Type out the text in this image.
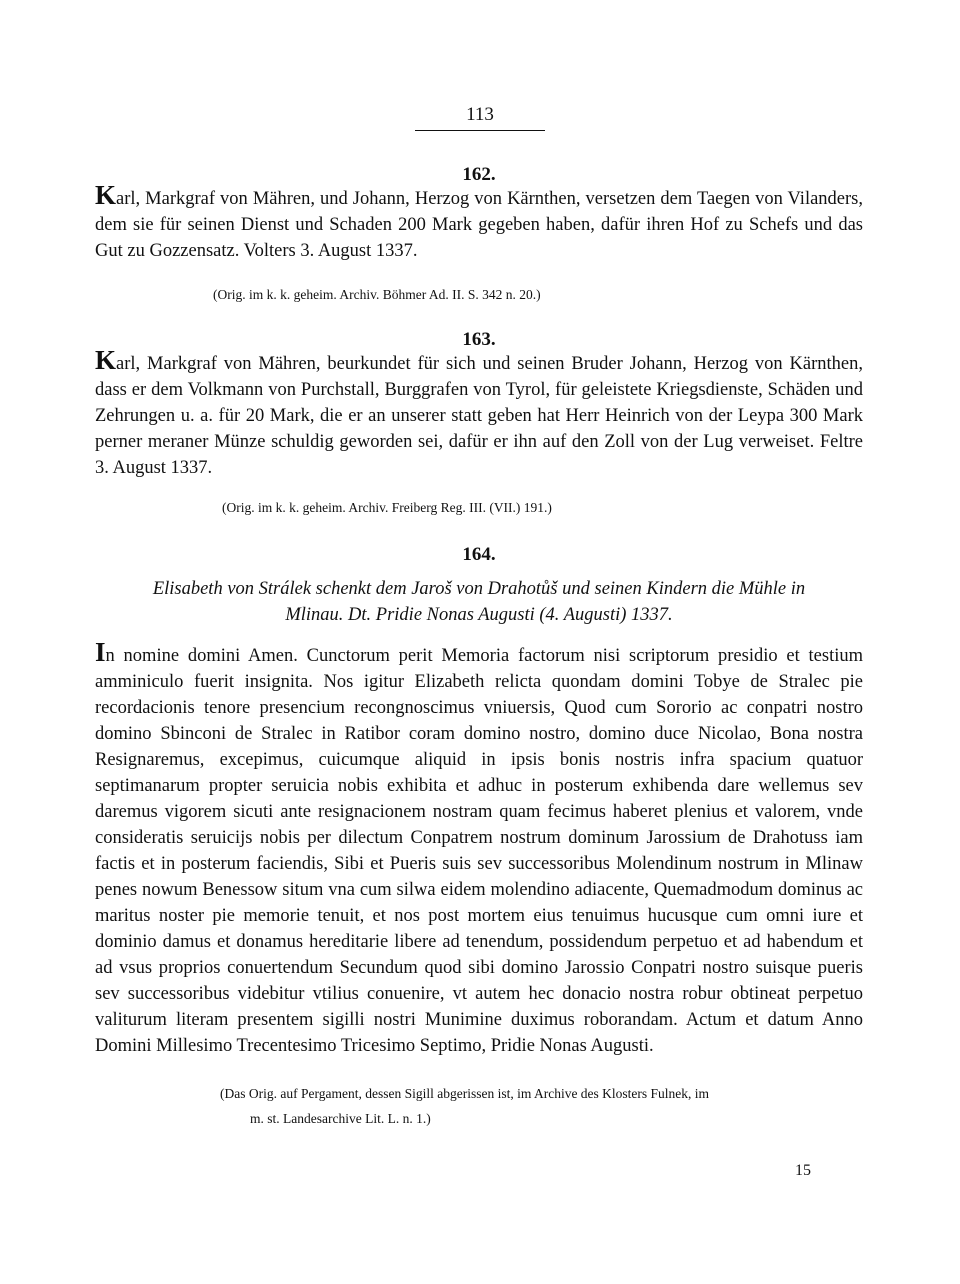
113
162.

Karl, Markgraf von Mähren, und Johann, Herzog von Kärnthen, versetzen dem Taegen von Vilanders, dem sie für seinen Dienst und Schaden 200 Mark gegeben haben, dafür ihren Hof zu Schefs und das Gut zu Gozzensatz. Volters 3. August 1337.

(Orig. im k. k. geheim. Archiv. Böhmer Ad. II. S. 342 n. 20.)
163.

Karl, Markgraf von Mähren, beurkundet für sich und seinen Bruder Johann, Herzog von Kärnthen, dass er dem Volkmann von Purchstall, Burggrafen von Tyrol, für geleistete Kriegsdienste, Schäden und Zehrungen u. a. für 20 Mark, die er an unserer statt geben hat Herr Heinrich von der Leypa 300 Mark perner meraner Münze schuldig geworden sei, dafür er ihn auf den Zoll von der Lug verweiset. Feltre 3. August 1337.

(Orig. im k. k. geheim. Archiv. Freiberg Reg. III. (VII.) 191.)
164.
Elisabeth von Strálek schenkt dem Jaroš von Drahotůš und seinen Kindern die Mühle in
Mlinau. Dt. Pridie Nonas Augusti (4. Augusti) 1337.

In nomine domini Amen. Cunctorum perit Memoria factorum nisi scriptorum presidio et testium amminiculo fuerit insignita. Nos igitur Elizabeth relicta quondam domini Tobye de Stralec pie recordacionis tenore presencium recongnoscimus vniuersis, Quod cum Sororio ac conpatri nostro domino Sbinconi de Stralec in Ratibor coram domino nostro, domino duce Nicolao, Bona nostra Resignaremus, excepimus, cuicumque aliquid in ipsis bonis nostris infra spacium quatuor septimanarum propter seruicia nobis exhibita et adhuc in posterum exhibenda dare wellemus sev daremus vigorem sicuti ante resignacionem nostram quam fecimus haberet plenius et valorem, vnde consideratis seruicijs nobis per dilectum Conpatrem nostrum dominum Jarossium de Drahotuss iam factis et in posterum faciendis, Sibi et Pueris suis sev successoribus Molendinum nostrum in Mlinaw penes nowum Benessow situm vna cum silwa eidem molendino adiacente, Quemadmodum dominus ac maritus noster pie memorie tenuit, et nos post mortem eius tenuimus hucusque cum omni iure et dominio damus et donamus hereditarie libere ad tenendum, possidendum perpetuo et ad habendum et ad vsus proprios conuertendum Secundum quod sibi domino Jarossio Conpatri nostro suisque pueris sev successoribus videbitur vtilius conuenire, vt autem hec donacio nostra robur obtineat perpetuo valiturum literam presentem sigilli nostri Munimine duximus roborandam. Actum et datum Anno Domini Millesimo Trecentesimo Tricesimo Septimo, Pridie Nonas Augusti.

(Das Orig. auf Pergament, dessen Sigill abgerissen ist, im Archive des Klosters Fulnek, im
m. st. Landesarchive Lit. L. n. 1.)
15
